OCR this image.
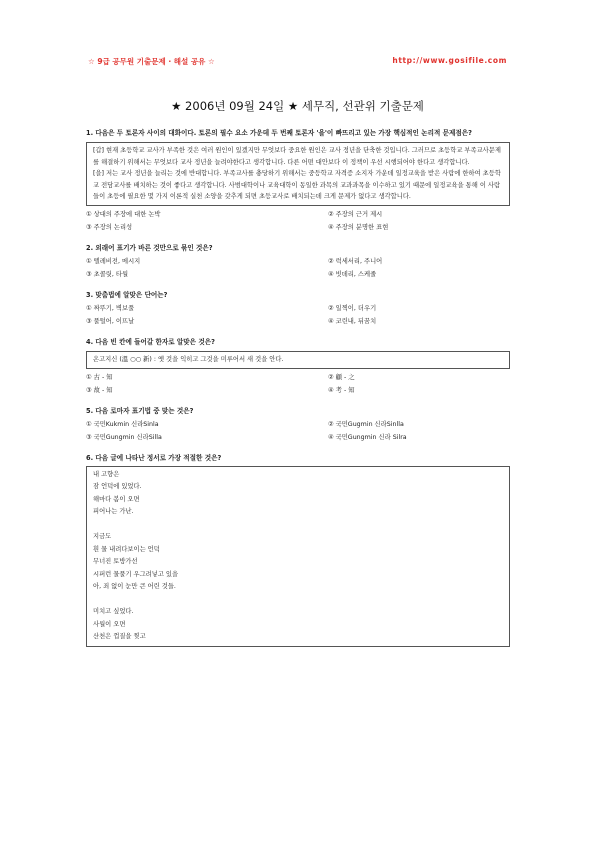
☆ 9급 공무원 기출문제 · 해설 공유 ☆	http://www.gosifile.com
★ 2006년 09월 24일 ★ 세무직, 선관위 기출문제

1. 다음은 두 토론자 사이의 대화이다. 토론의 필수 요소 가운데 두 번째 토론자 '을'이 빠뜨리고 있는 가장 핵심적인 논리적 문제점은?

[갑] 현재 초등학교 교사가 부족한 것은 여러 원인이 있겠지만 무엇보다 중요한 원인은 교사 정년을 단축한 것입니다. 그러므로 초등학교 부족교사문제를 해결하기 위해서는 무엇보다 교사 정년을 늘려야한다고 생각합니다. 다른 어떤 대안보다 이 정책이 우선 시행되어야 한다고 생각합니다.

[을] 저는 교사 정년을 늘리는 것에 반대합니다. 부족교사를 충당하기 위해서는 중등학교 자격증 소지자 가운데 일정교육을 받은 사람에 한하여 초등학교 전담교사를 배치하는 것이 좋다고 생각합니다. 사범대학이나 교육대학이 동일한 과목의 교과과목을 이수하고 있기 때문에 일정교육을 통해 이 사람들이 초등에 필요한 몇 가지 이론적 실천 소양을 갖추게 되면 초등교사로 배치되는데 크게 문제가 없다고 생각합니다.

① 상대의 주장에 대한 논박	② 주장의 근거 제시
③ 주장의 논리성	④ 주장의 분명한 표현

2. 외래어 표기가 바른 것만으로 묶인 것은?

① 텔레비전, 메시지	② 럭세서리, 주니어
③ 초콜릿, 타월	④ 빗데리, 스케줄

3. 맞춤법에 알맞은 단어는?

① 짜뚜기, 벽보풀	② 일찍이, 더우기
③ 풀털어, 이뜨날	④ 코린내, 뒤꿈치

4. 다음 빈 칸에 들어갈 한자로 알맞은 것은?

온고지신 (溫 ○○ 新) : 옛 것을 익히고 그것을 미루어서 새 것을 안다.

① 古 - 知	② 顧 - 之
③ 故 - 知	④ 考 - 知

5. 다음 로마자 표기법 중 맞는 것은?

① 국민Kukmin 신라Sinla	② 국민Gugmin 신라Sinlla
③ 국민Gungmin 신라Silla	④ 국민Gungmin 신라 Silra

6. 다음 글에 나타난 정서로 가장 적절한 것은?

내 고향은
잠 언덕에 있었다.
해마다 봄이 오면
피어나는 가난.
지금도
흰 물 내려다보이는 언덕
무너진 토방가선
시퍼런 물풀기 우그려넣고 있을
아, 죄 없이 눈만 큰 어린 것들.
미치고 싶었다.
사월이 오면
산천은 껍질을 찢고
